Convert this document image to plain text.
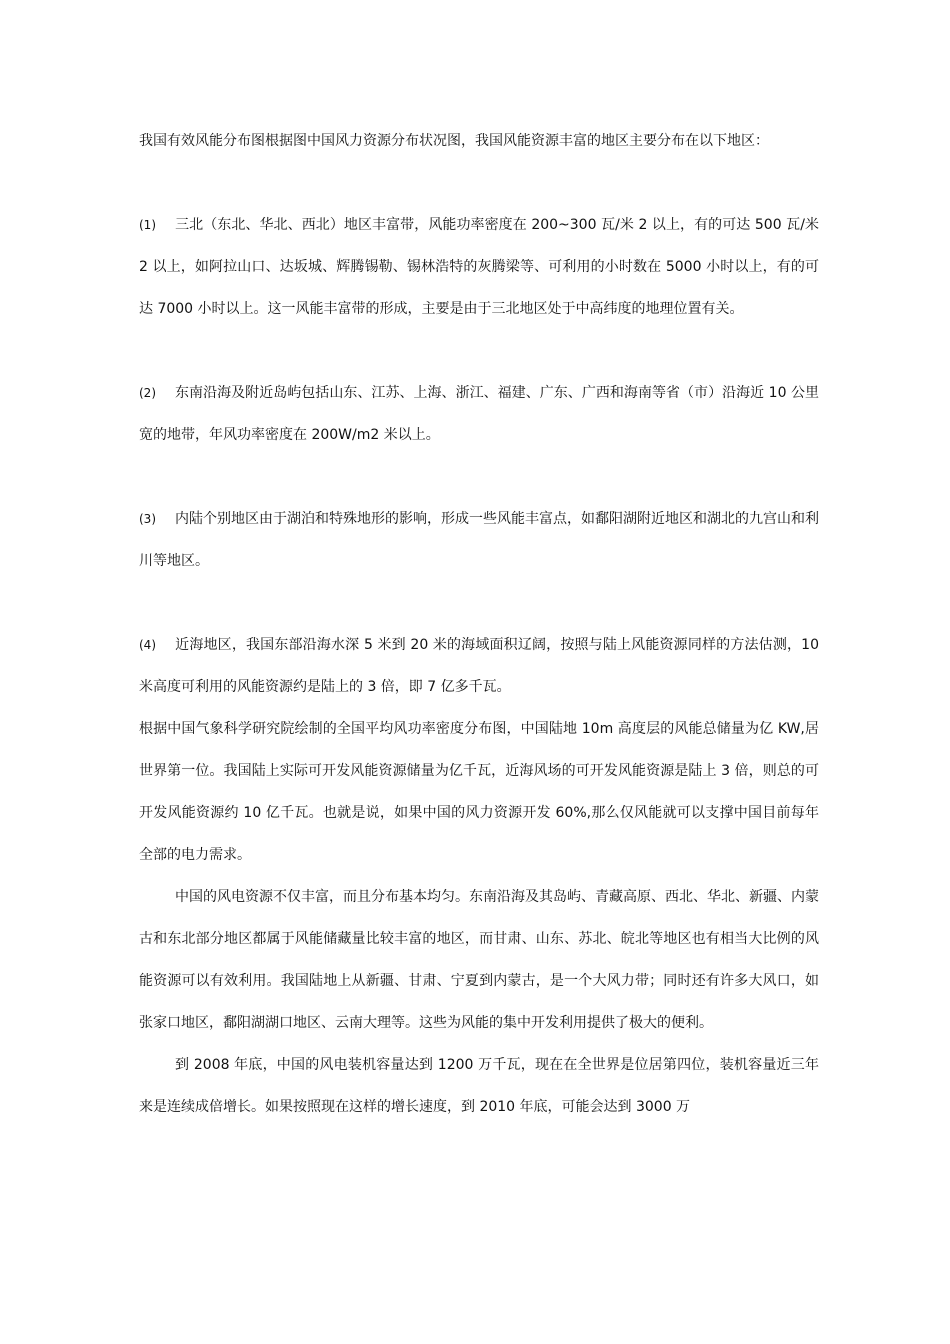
我国有效风能分布图根据图中国风力资源分布状况图，我国风能资源丰富的地区主要分布在以下地区：

(1) 三北（东北、华北、西北）地区丰富带，风能功率密度在 200~300 瓦/米 2 以上，有的可达 500 瓦/米 2 以上，如阿拉山口、达坂城、辉腾锡勒、锡林浩特的灰腾梁等、可利用的小时数在 5000 小时以上，有的可达 7000 小时以上。这一风能丰富带的形成，主要是由于三北地区处于中高纬度的地理位置有关。

(2) 东南沿海及附近岛屿包括山东、江苏、上海、浙江、福建、广东、广西和海南等省（市）沿海近 10 公里宽的地带，年风功率密度在 200W/m2 米以上。

(3) 内陆个别地区由于湖泊和特殊地形的影响，形成一些风能丰富点，如鄱阳湖附近地区和湖北的九宫山和利川等地区。

(4) 近海地区，我国东部沿海水深 5 米到 20 米的海域面积辽阔，按照与陆上风能资源同样的方法估测，10 米高度可利用的风能资源约是陆上的 3 倍，即 7 亿多千瓦。

根据中国气象科学研究院绘制的全国平均风功率密度分布图，中国陆地 10m 高度层的风能总储量为亿 KW,居世界第一位。我国陆上实际可开发风能资源储量为亿千瓦，近海风场的可开发风能资源是陆上 3 倍，则总的可开发风能资源约 10 亿千瓦。也就是说，如果中国的风力资源开发 60%,那么仅风能就可以支撑中国目前每年全部的电力需求。

中国的风电资源不仅丰富，而且分布基本均匀。东南沿海及其岛屿、青藏高原、西北、华北、新疆、内蒙古和东北部分地区都属于风能储藏量比较丰富的地区，而甘肃、山东、苏北、皖北等地区也有相当大比例的风能资源可以有效利用。我国陆地上从新疆、甘肃、宁夏到内蒙古，是一个大风力带；同时还有许多大风口，如张家口地区，鄱阳湖湖口地区、云南大理等。这些为风能的集中开发利用提供了极大的便利。

到 2008 年底，中国的风电装机容量达到 1200 万千瓦，现在在全世界是位居第四位，装机容量近三年来是连续成倍增长。如果按照现在这样的增长速度，到 2010 年底，可能会达到 3000 万
